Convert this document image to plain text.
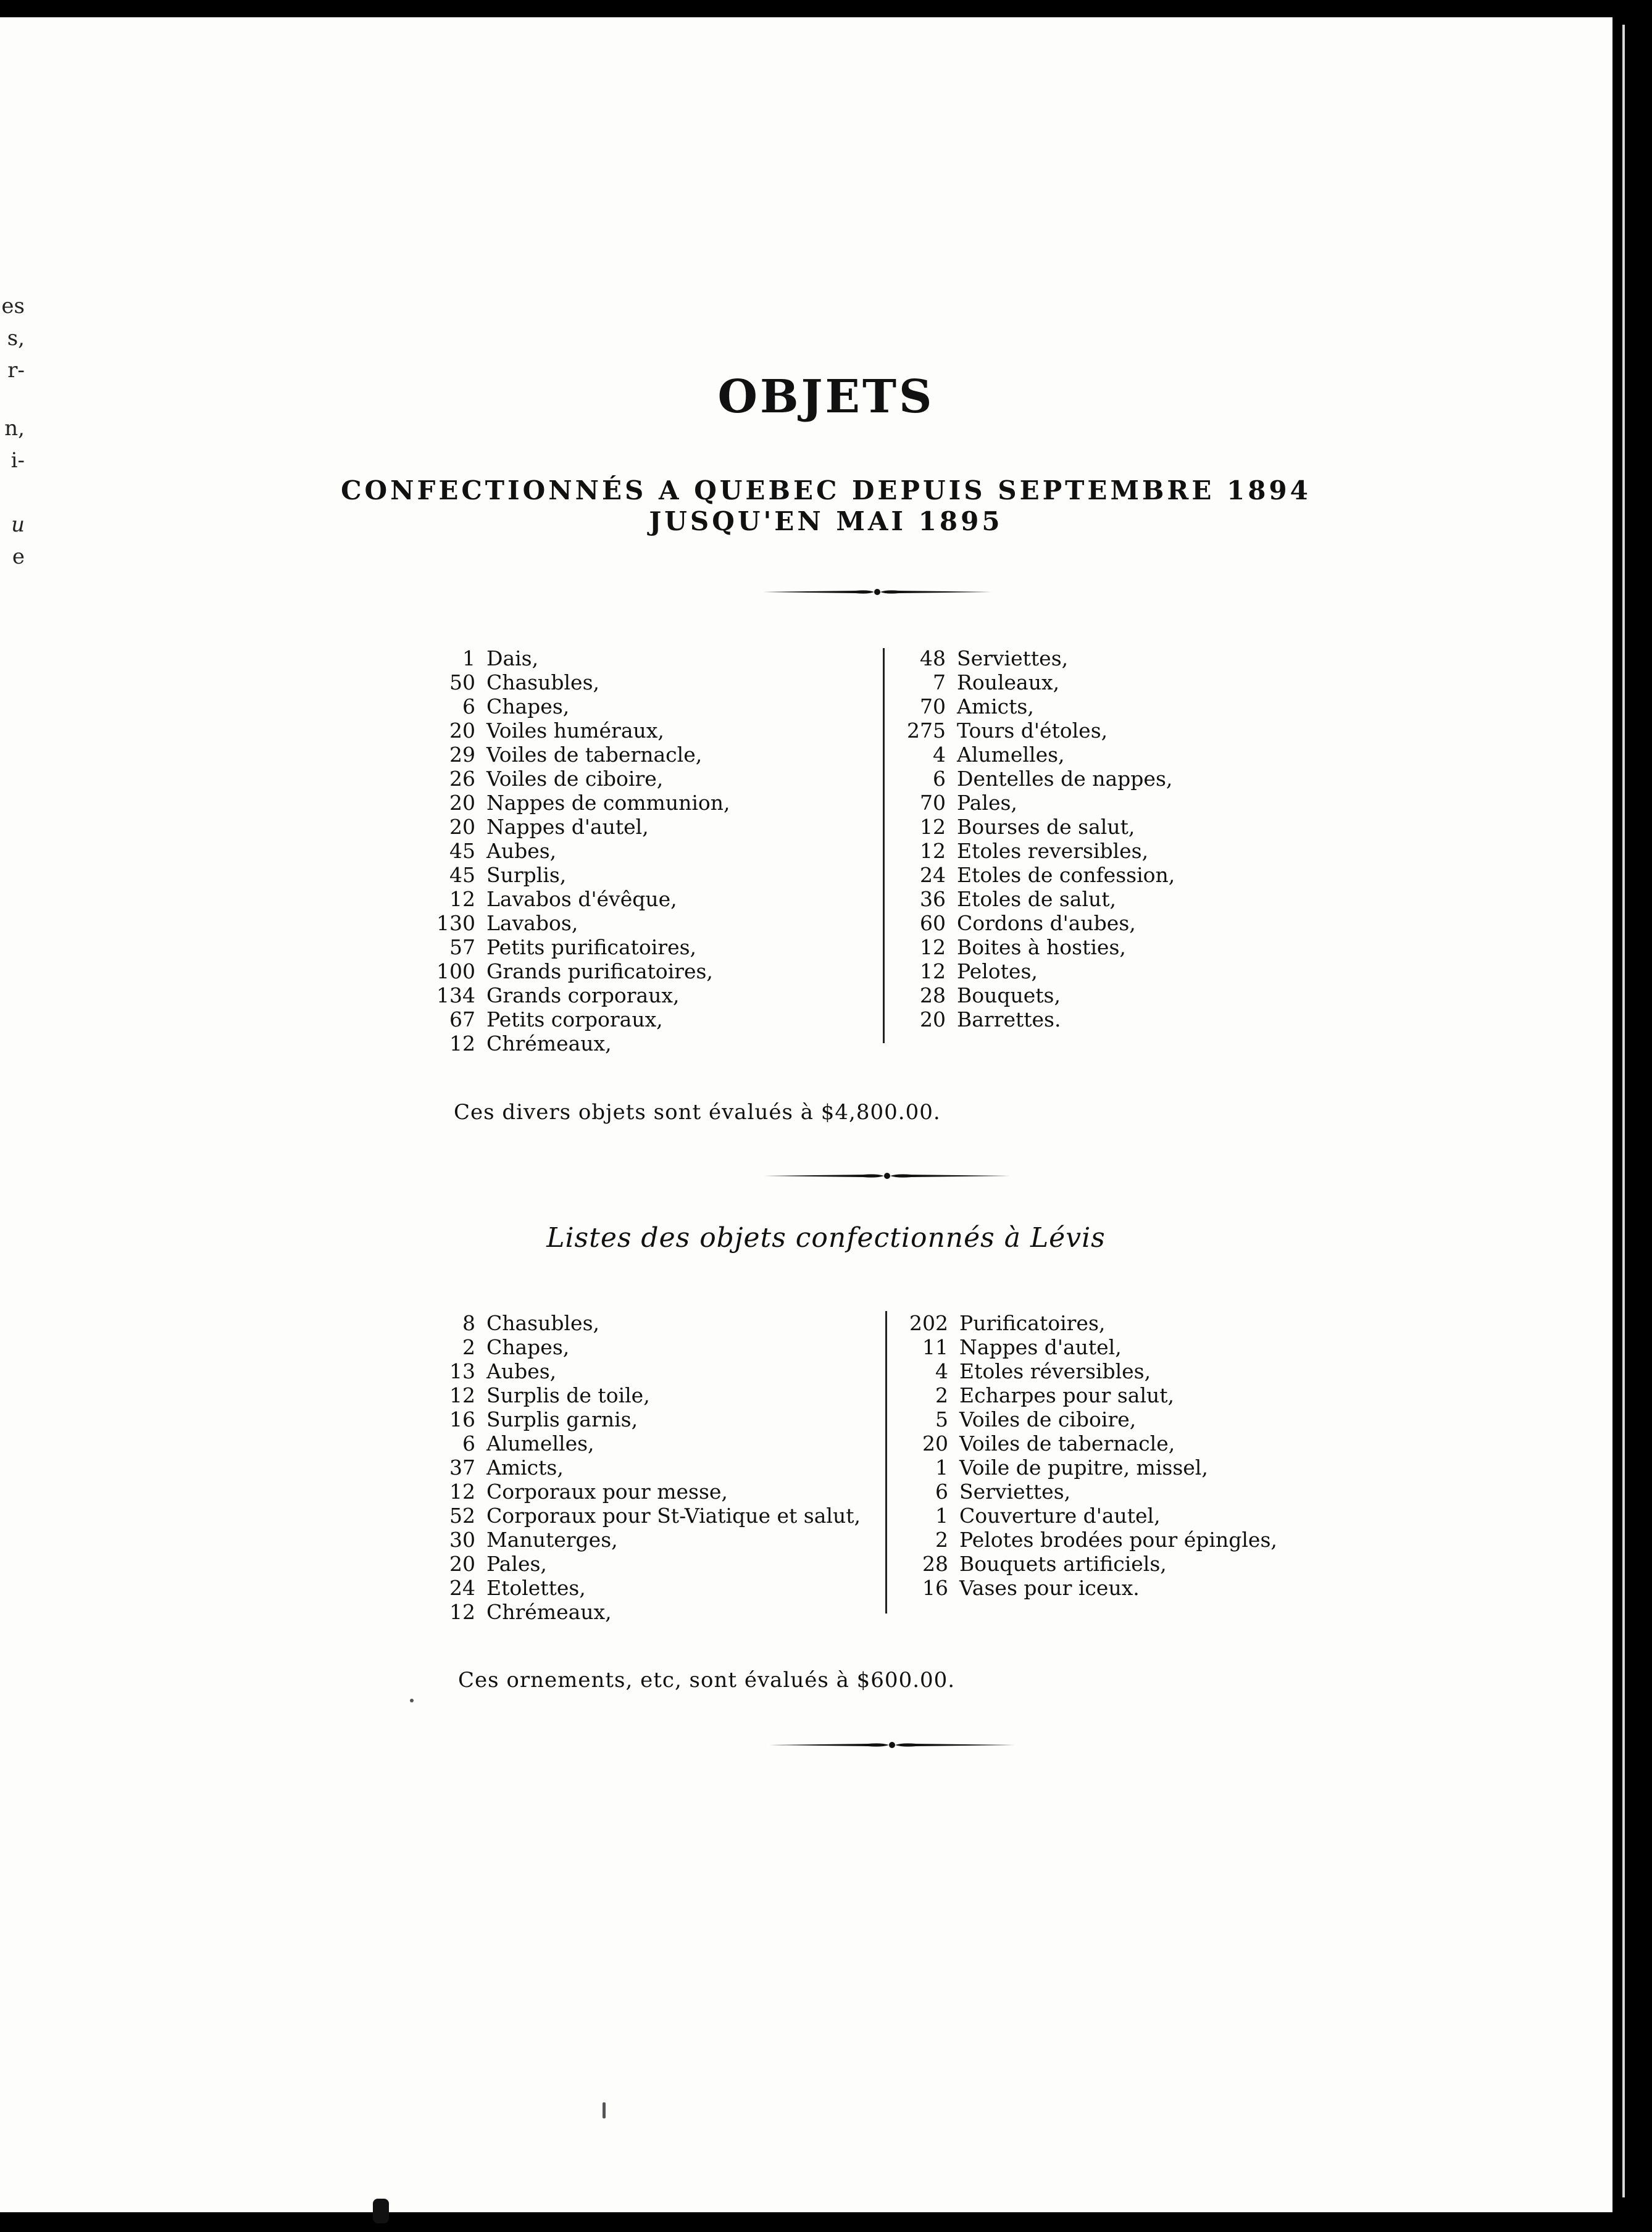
es
s,
r-
n,
i-
u
e
OBJETS
CONFECTIONNÉS A QUEBEC DEPUIS SEPTEMBRE 1894
JUSQU'EN MAI 1895
1 Dais,
50 Chasubles,
6 Chapes,
20 Voiles huméraux,
29 Voiles de tabernacle,
26 Voiles de ciboire,
20 Nappes de communion,
20 Nappes d'autel,
45 Aubes,
45 Surplis,
12 Lavabos d'évêque,
130 Lavabos,
57 Petits purificatoires,
100 Grands purificatoires,
134 Grands corporaux,
67 Petits corporaux,
12 Chrémeaux,
48 Serviettes,
7 Rouleaux,
70 Amicts,
275 Tours d'étoles,
4 Alumelles,
6 Dentelles de nappes,
70 Pales,
12 Bourses de salut,
12 Etoles reversibles,
24 Etoles de confession,
36 Etoles de salut,
60 Cordons d'aubes,
12 Boites à hosties,
12 Pelotes,
28 Bouquets,
20 Barrettes.
Ces divers objets sont évalués à $4,800.00.
Listes des objets confectionnés à Lévis
8 Chasubles,
2 Chapes,
13 Aubes,
12 Surplis de toile,
16 Surplis garnis,
6 Alumelles,
37 Amicts,
12 Corporaux pour messe,
52 Corporaux pour St-Viatique et salut,
30 Manuterges,
20 Pales,
24 Etolettes,
12 Chrémeaux,
202 Purificatoires,
11 Nappes d'autel,
4 Etoles réversibles,
2 Echarpes pour salut,
5 Voiles de ciboire,
20 Voiles de tabernacle,
1 Voile de pupitre, missel,
6 Serviettes,
1 Couverture d'autel,
2 Pelotes brodées pour épingles,
28 Bouquets artificiels,
16 Vases pour iceux.
Ces ornements, etc, sont évalués à $600.00.
